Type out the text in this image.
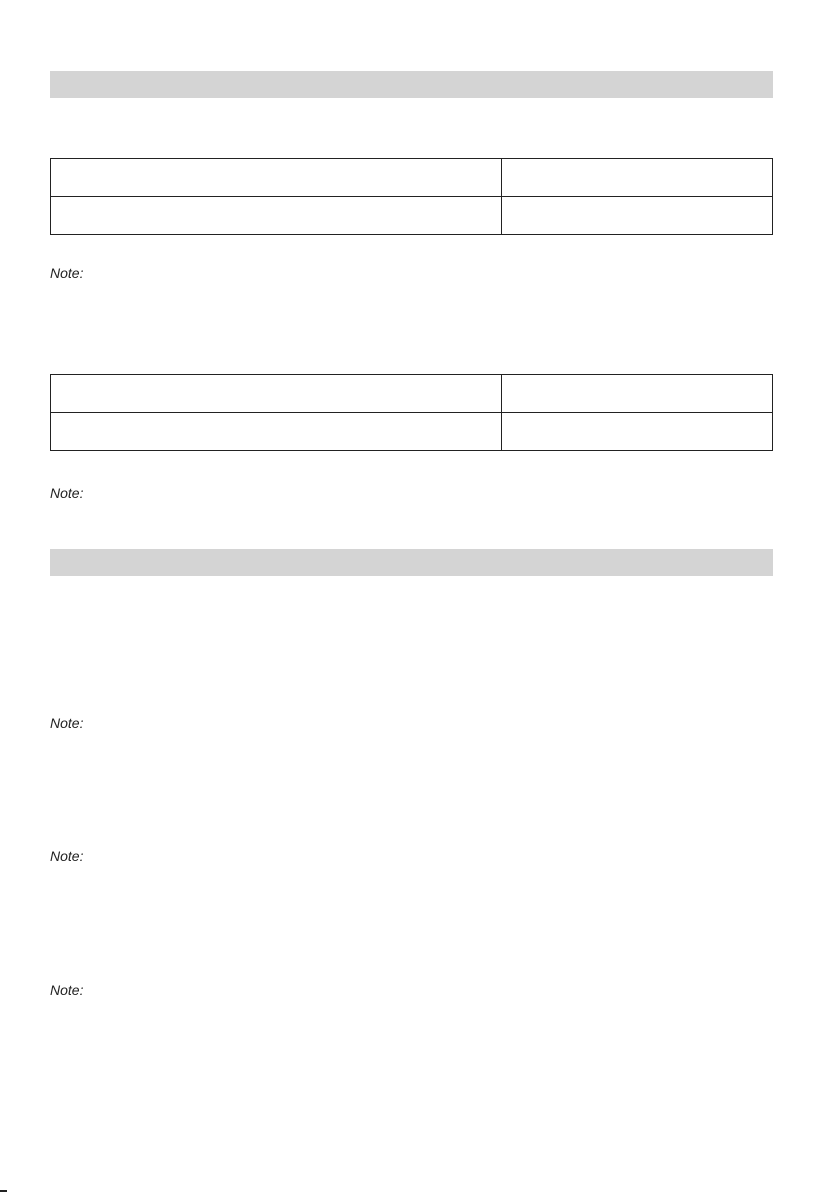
Note:

Note:

Note:

Note:

Note:
